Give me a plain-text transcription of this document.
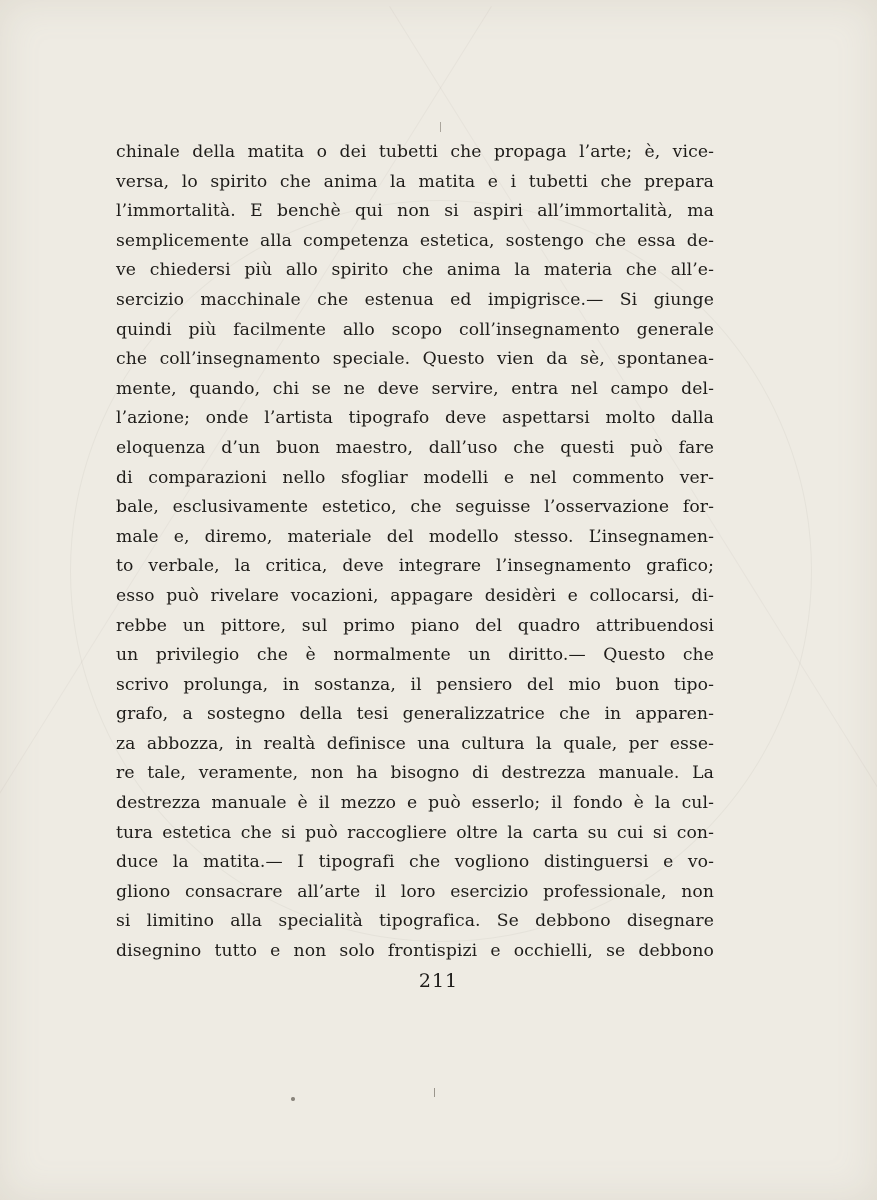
chinale della matita o dei tubetti che propaga l’arte; è, vice-
versa, lo spirito che anima la matita e i tubetti che prepara
l’immortalità. E benchè qui non si aspiri all’immortalità, ma
semplicemente alla competenza estetica, sostengo che essa de-
ve chiedersi più allo spirito che anima la materia che all’e-
sercizio macchinale che estenua ed impigrisce.— Si giunge
quindi più facilmente allo scopo coll’insegnamento generale
che coll’insegnamento speciale. Questo vien da sè, spontanea-
mente, quando, chi se ne deve servire, entra nel campo del-
l’azione; onde l’artista tipografo deve aspettarsi molto dalla
eloquenza d’un buon maestro, dall’uso che questi può fare
di comparazioni nello sfogliar modelli e nel commento ver-
bale, esclusivamente estetico, che seguisse l’osservazione for-
male e, diremo, materiale del modello stesso. L’insegnamen-
to verbale, la critica, deve integrare l’insegnamento grafico;
esso può rivelare vocazioni, appagare desidèri e collocarsi, di-
rebbe un pittore, sul primo piano del quadro attribuendosi
un privilegio che è normalmente un diritto.— Questo che
scrivo prolunga, in sostanza, il pensiero del mio buon tipo-
grafo, a sostegno della tesi generalizzatrice che in apparen-
za abbozza, in realtà definisce una cultura la quale, per esse-
re tale, veramente, non ha bisogno di destrezza manuale. La
destrezza manuale è il mezzo e può esserlo; il fondo è la cul-
tura estetica che si può raccogliere oltre la carta su cui si con-
duce la matita.— I tipografi che vogliono distinguersi e vo-
gliono consacrare all’arte il loro esercizio professionale, non
si limitino alla specialità tipografica. Se debbono disegnare
disegnino tutto e non solo frontispizi e occhielli, se debbono
211
